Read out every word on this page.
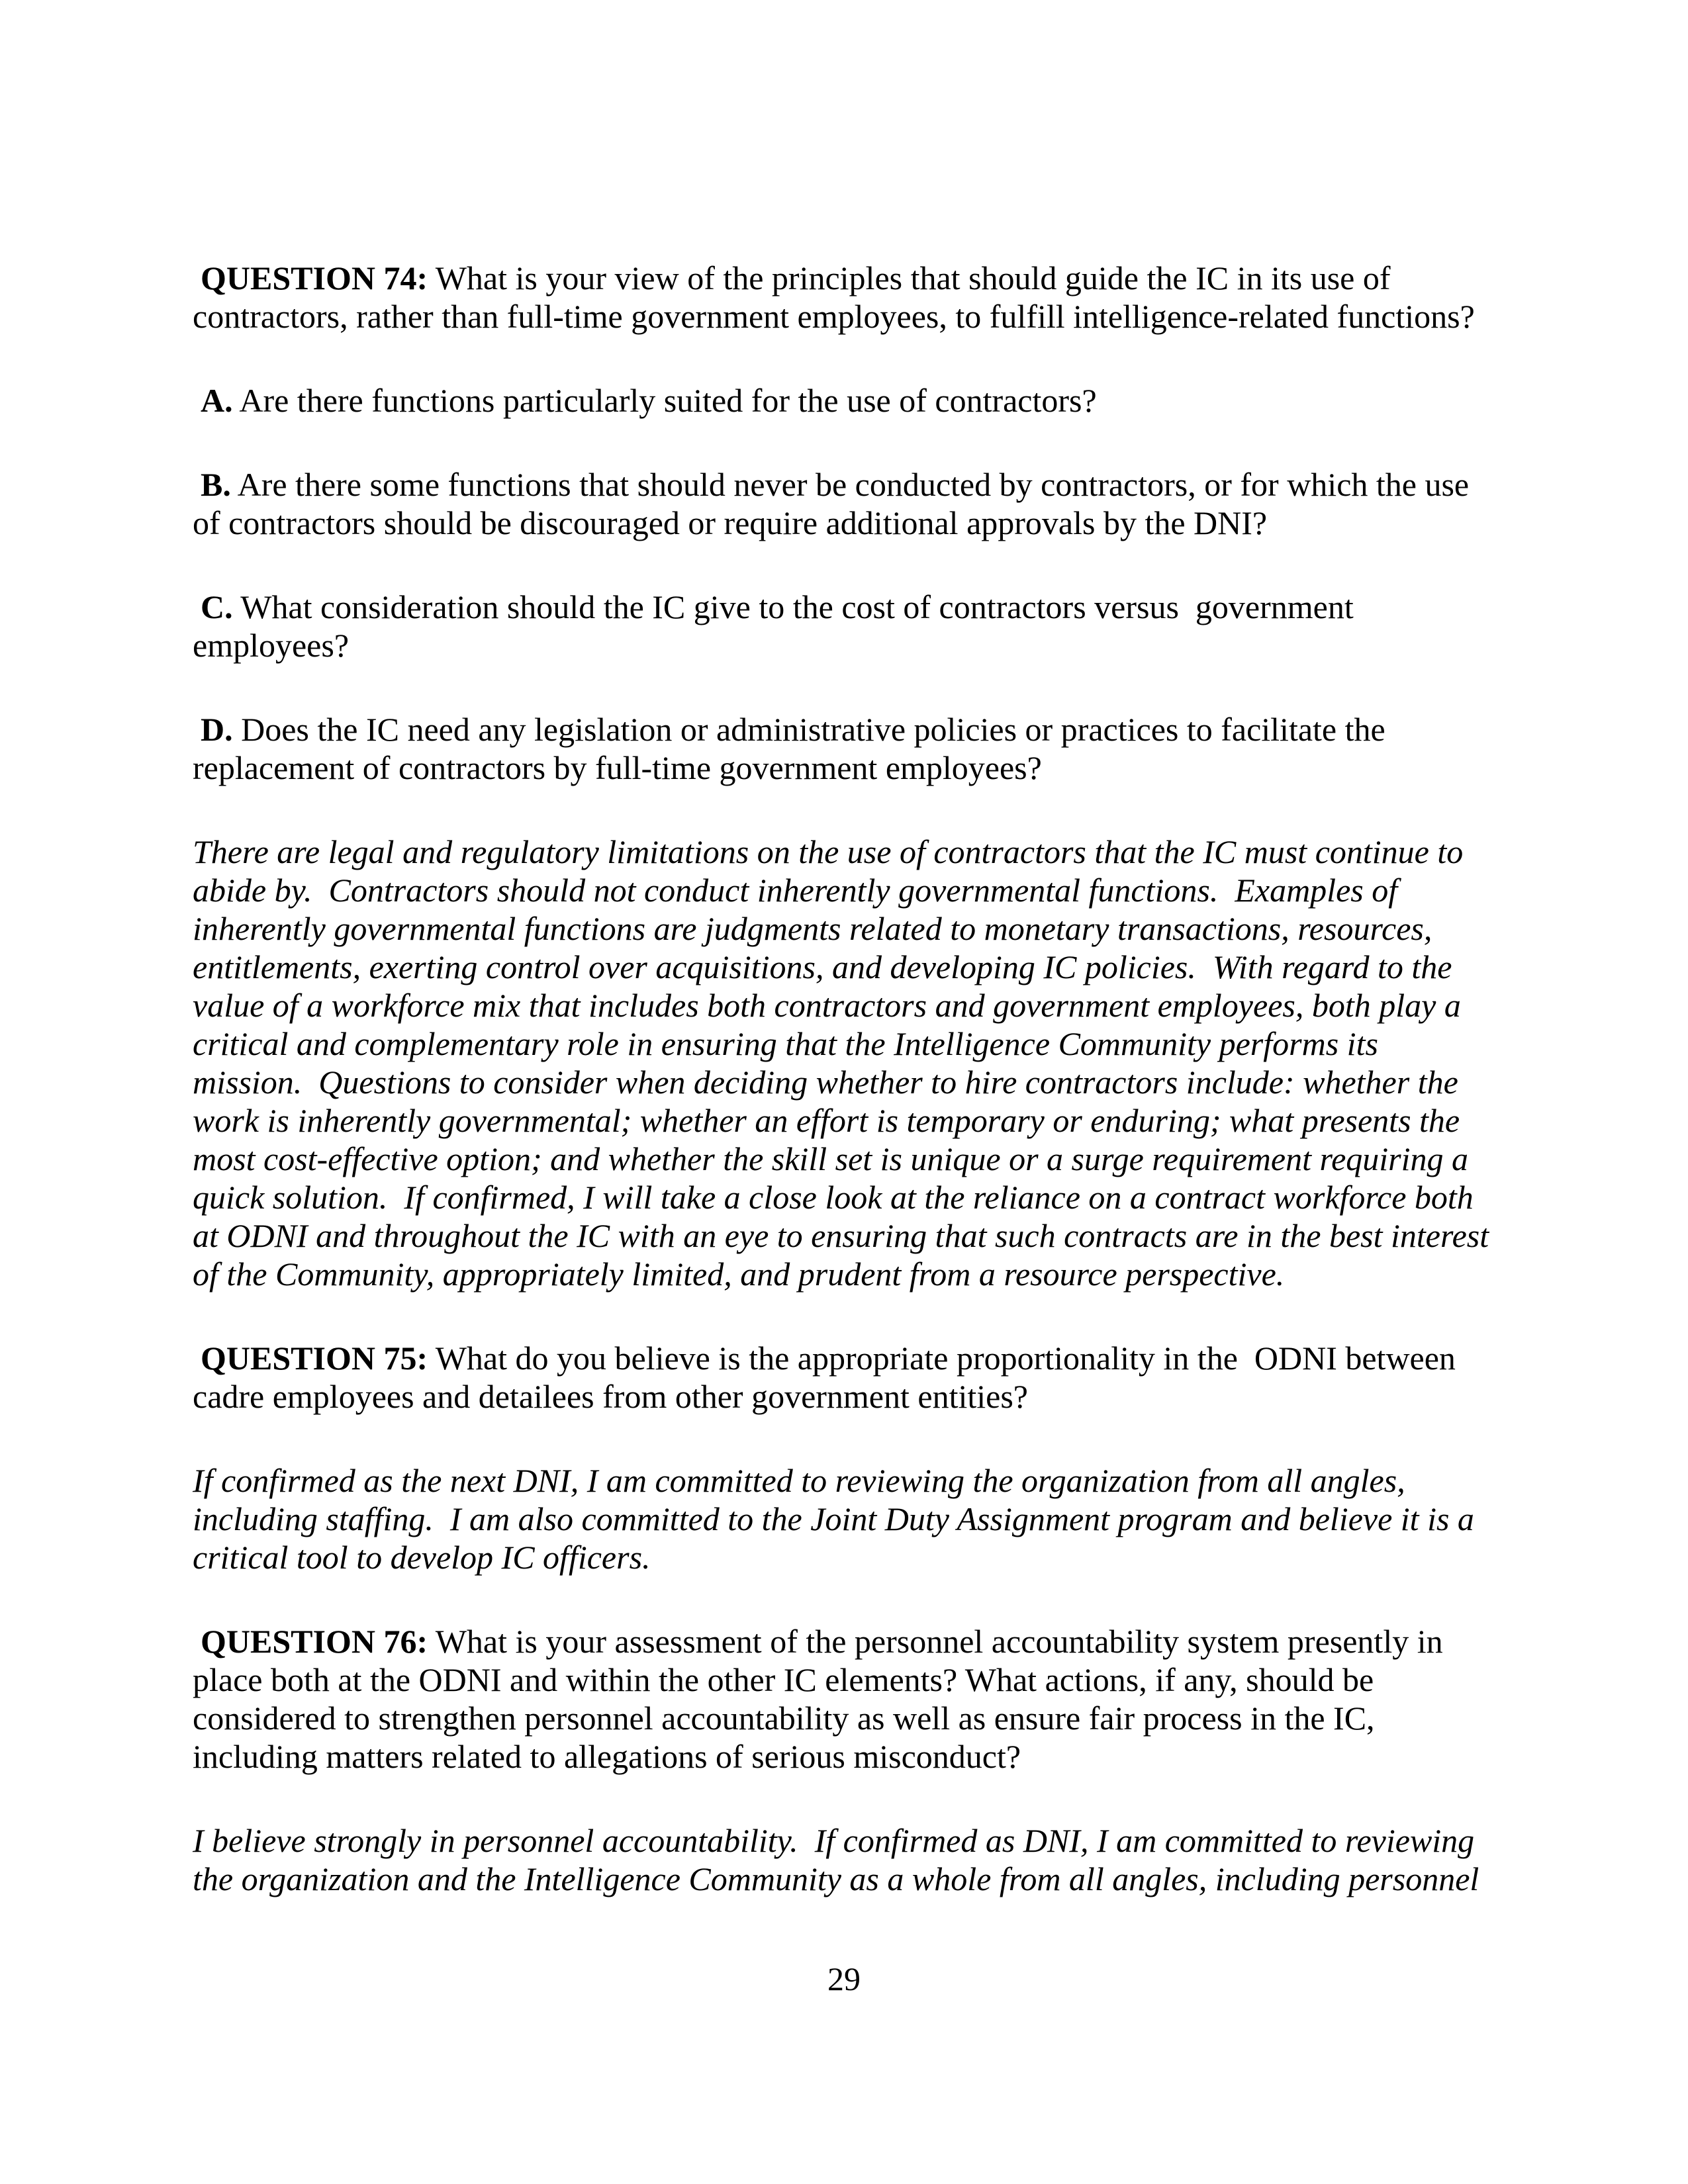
QUESTION 74: What is your view of the principles that should guide the IC in its use of contractors, rather than full-time government employees, to fulfill intelligence-related functions?

A. Are there functions particularly suited for the use of contractors?

B. Are there some functions that should never be conducted by contractors, or for which the use of contractors should be discouraged or require additional approvals by the DNI?

C. What consideration should the IC give to the cost of contractors versus  government employees?

D. Does the IC need any legislation or administrative policies or practices to facilitate the replacement of contractors by full-time government employees?

There are legal and regulatory limitations on the use of contractors that the IC must continue to abide by.  Contractors should not conduct inherently governmental functions.  Examples of inherently governmental functions are judgments related to monetary transactions, resources, entitlements, exerting control over acquisitions, and developing IC policies.  With regard to the value of a workforce mix that includes both contractors and government employees, both play a critical and complementary role in ensuring that the Intelligence Community performs its mission.  Questions to consider when deciding whether to hire contractors include: whether the work is inherently governmental; whether an effort is temporary or enduring; what presents the most cost-effective option; and whether the skill set is unique or a surge requirement requiring a quick solution.  If confirmed, I will take a close look at the reliance on a contract workforce both at ODNI and throughout the IC with an eye to ensuring that such contracts are in the best interest of the Community, appropriately limited, and prudent from a resource perspective.

QUESTION 75: What do you believe is the appropriate proportionality in the  ODNI between cadre employees and detailees from other government entities?

If confirmed as the next DNI, I am committed to reviewing the organization from all angles, including staffing.  I am also committed to the Joint Duty Assignment program and believe it is a critical tool to develop IC officers.

QUESTION 76: What is your assessment of the personnel accountability system presently in place both at the ODNI and within the other IC elements? What actions, if any, should be considered to strengthen personnel accountability as well as ensure fair process in the IC, including matters related to allegations of serious misconduct?

I believe strongly in personnel accountability.  If confirmed as DNI, I am committed to reviewing the organization and the Intelligence Community as a whole from all angles, including personnel

29
